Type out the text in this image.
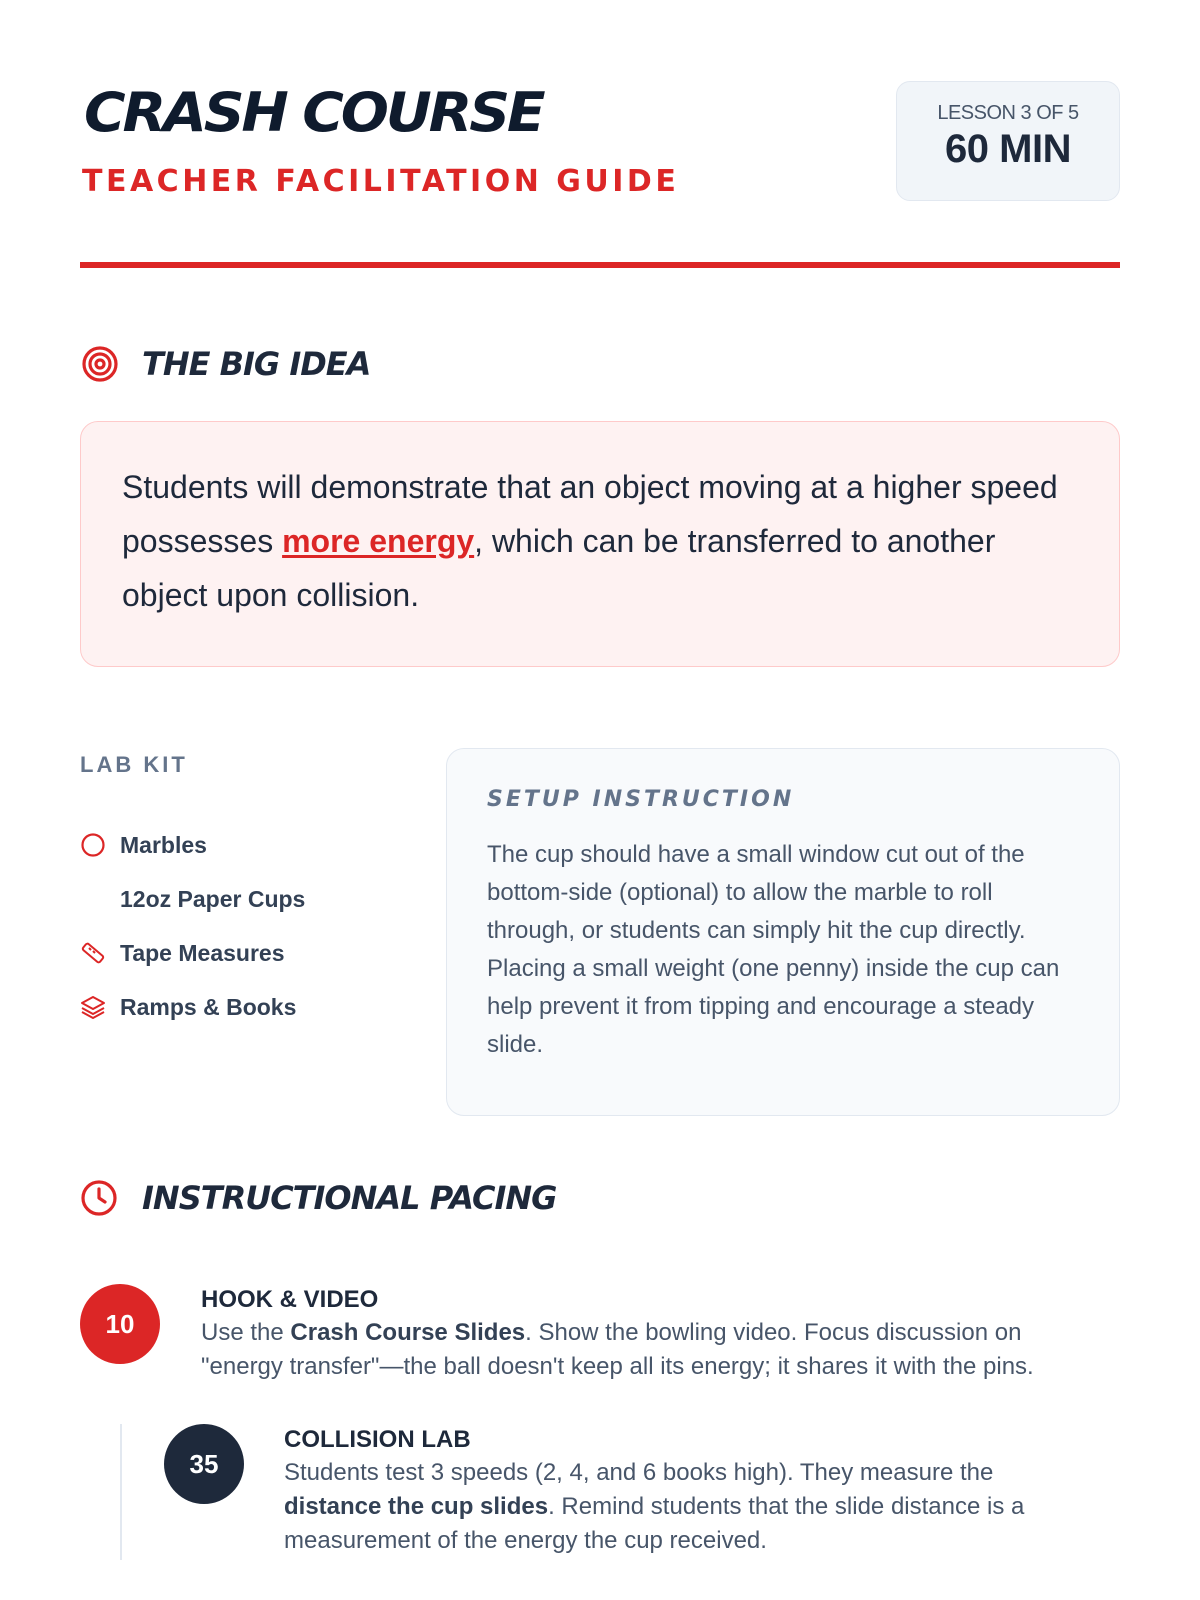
CRASH COURSE
TEACHER FACILITATION GUIDE
LESSON 3 OF 5
60 MIN
THE BIG IDEA

Students will demonstrate that an object moving at a higher speed possesses more energy, which can be transferred to another object upon collision.

LAB KIT
Marbles
12oz Paper Cups
Tape Measures
Ramps & Books
SETUP INSTRUCTION

The cup should have a small window cut out of the bottom-side (optional) to allow the marble to roll through, or students can simply hit the cup directly. Placing a small weight (one penny) inside the cup can help prevent it from tipping and encourage a steady slide.

INSTRUCTIONAL PACING
10
HOOK & VIDEO

Use the Crash Course Slides. Show the bowling video. Focus discussion on "energy transfer"—the ball doesn't keep all its energy; it shares it with the pins.

35
COLLISION LAB

Students test 3 speeds (2, 4, and 6 books high). They measure the distance the cup slides. Remind students that the slide distance is a measurement of the energy the cup received.
